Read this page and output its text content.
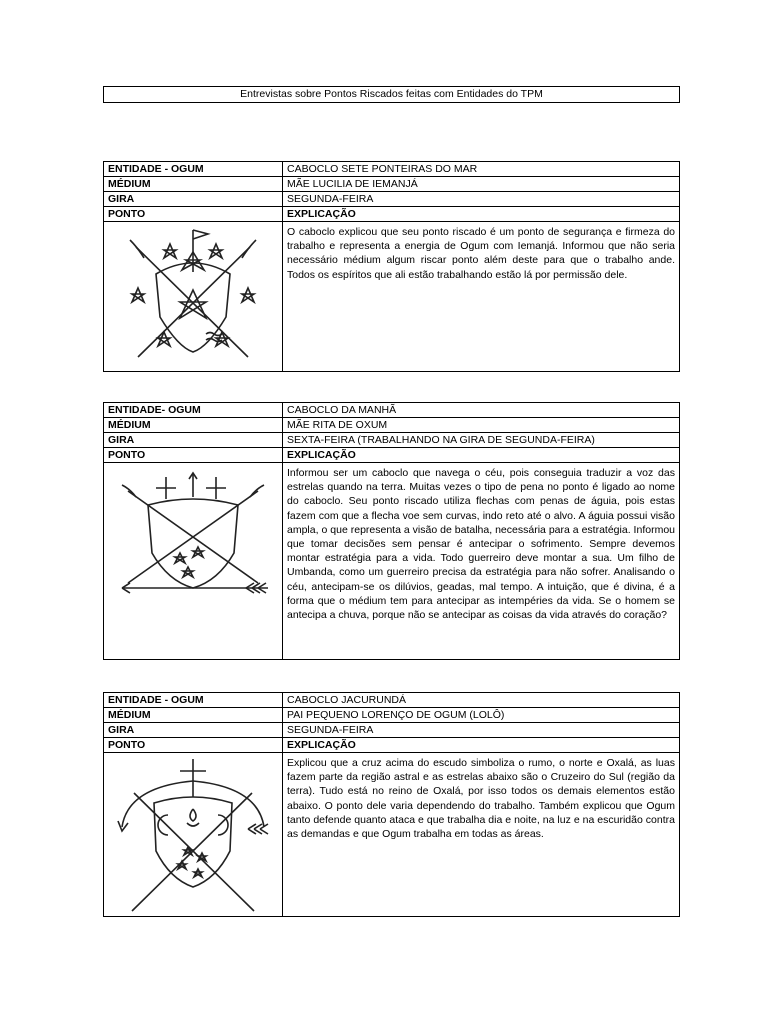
Entrevistas sobre Pontos Riscados feitas com Entidades do TPM
ENTIDADE - OGUM	CABOCLO SETE PONTEIRAS DO MAR
MÉDIUM	MÃE LUCILIA DE IEMANJÁ
GIRA	SEGUNDA-FEIRA
PONTO	EXPLICAÇÃO

O caboclo explicou que seu ponto riscado é um ponto de segurança e firmeza do trabalho e representa a energia de Ogum com Iemanjá. Informou que não seria necessário médium algum riscar ponto além deste para que o trabalho ande. Todos os espíritos que ali estão trabalhando estão lá por permissão dele.

ENTIDADE- OGUM	CABOCLO DA MANHÃ
MÉDIUM	MÃE RITA DE OXUM
GIRA	SEXTA-FEIRA (TRABALHANDO NA GIRA DE SEGUNDA-FEIRA)
PONTO	EXPLICAÇÃO

Informou ser um caboclo que navega o céu, pois conseguia traduzir a voz das estrelas quando na terra. Muitas vezes o tipo de pena no ponto é ligado ao nome do caboclo. Seu ponto riscado utiliza flechas com penas de águia, pois estas fazem com que a flecha voe sem curvas, indo reto até o alvo. A águia possui visão ampla, o que representa a visão de batalha, necessária para a estratégia. Informou que tomar decisões sem pensar é antecipar o sofrimento. Sempre devemos montar estratégia para a vida. Todo guerreiro deve montar a sua. Um filho de Umbanda, como um guerreiro precisa da estratégia para não sofrer. Analisando o céu, antecipam-se os dilúvios, geadas, mal tempo. A intuição, que é divina, é a forma que o médium tem para antecipar as intempéries da vida. Se o homem se antecipa a chuva, porque não se antecipar as coisas da vida através do coração?

ENTIDADE - OGUM	CABOCLO JACURUNDÁ
MÉDIUM	PAI PEQUENO LORENÇO DE OGUM (LOLÔ)
GIRA	SEGUNDA-FEIRA
PONTO	EXPLICAÇÃO

Explicou que a cruz acima do escudo simboliza o rumo, o norte e Oxalá, as luas fazem parte da região astral e as estrelas abaixo são o Cruzeiro do Sul (região da terra). Tudo está no reino de Oxalá, por isso todos os demais elementos estão abaixo. O ponto dele varia dependendo do trabalho. Também explicou que Ogum tanto defende quanto ataca e que trabalha dia e noite, na luz e na escuridão contra as demandas e que Ogum trabalha em todas as áreas.
